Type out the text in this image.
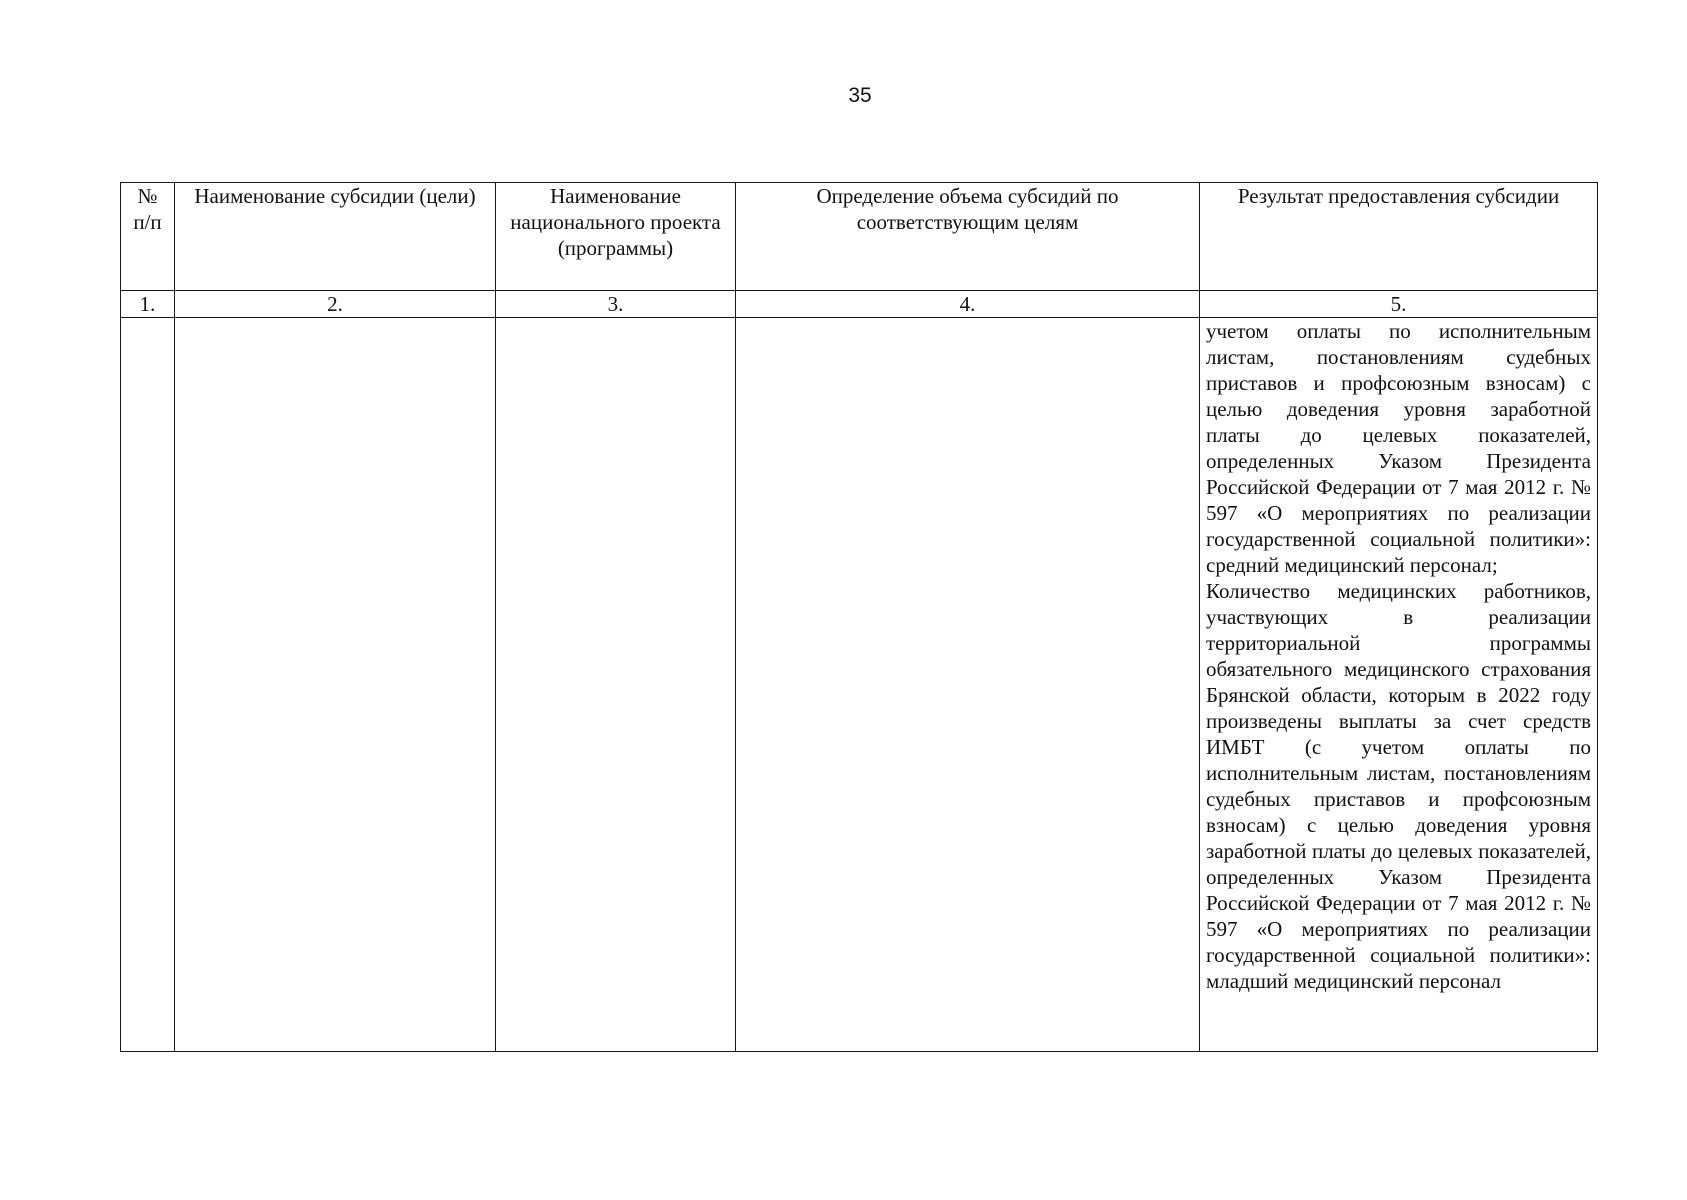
35
№ п/п	Наименование субсидии (цели)	Наименование национального проекта (программы)	Определение объема субсидий по соответствующим целям	Результат предоставления субсидии
1.	2.	3.	4.	5.

				учетом оплаты по исполнительным листам, постановлениям судебных приставов и профсоюзным взносам) с целью доведения уровня заработной платы до целевых показателей, определенных Указом Президента Российской Федерации от 7 мая 2012 г. № 597 «О мероприятиях по реализации государственной социальной политики»: средний медицинский персонал;
Количество медицинских работников, участвующих в реализации территориальной программы обязательного медицинского страхования Брянской области, которым в 2022 году произведены выплаты за счет средств ИМБТ (с учетом оплаты по исполнительным листам, постановлениям судебных приставов и профсоюзным взносам) с целью доведения уровня заработной платы до целевых показателей, определенных Указом Президента Российской Федерации от 7 мая 2012 г. № 597 «О мероприятиях по реализации государственной социальной политики»: младший медицинский персонал
